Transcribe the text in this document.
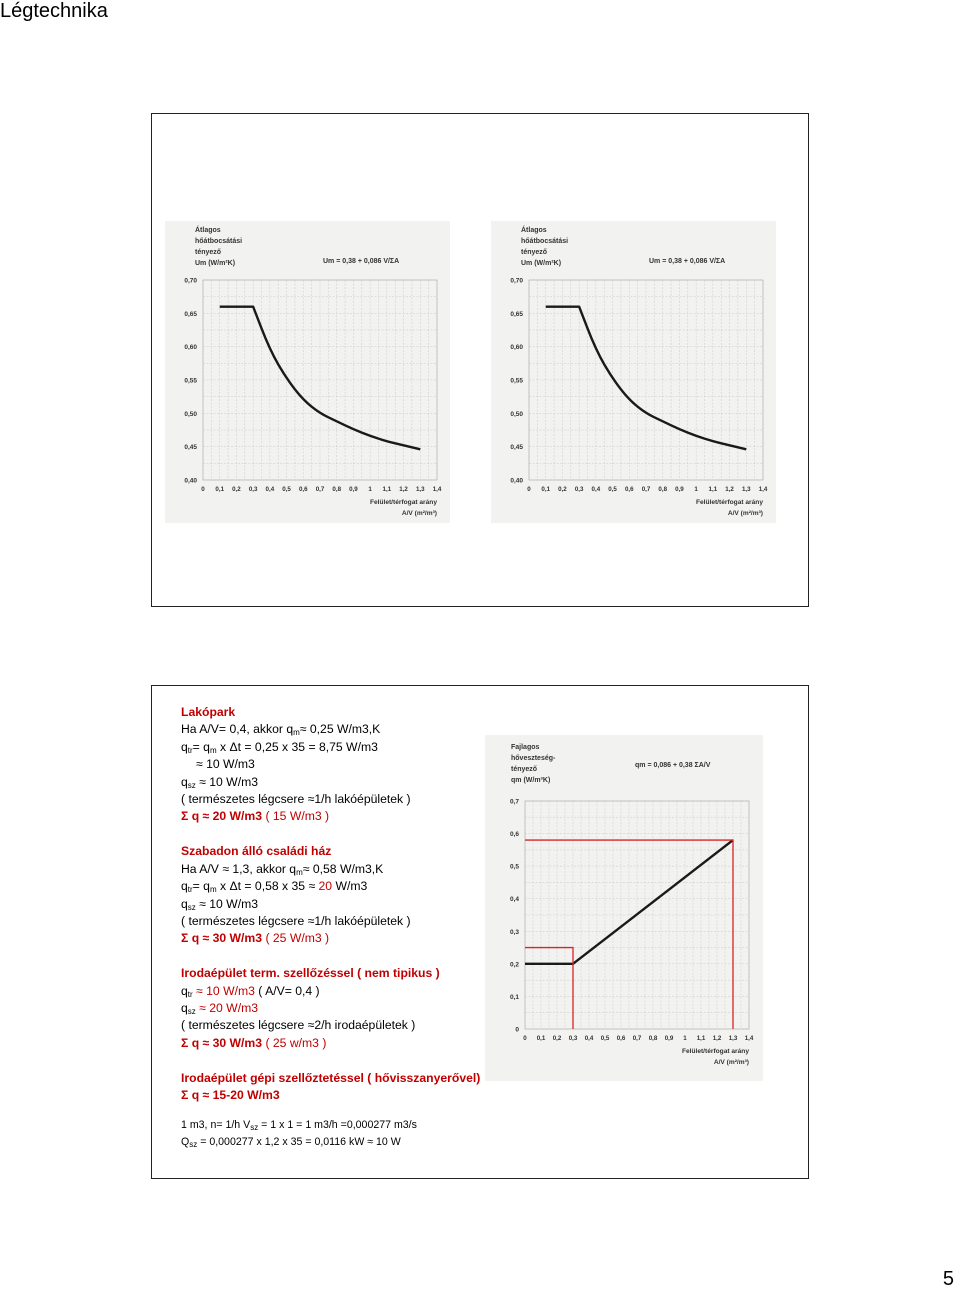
Légtechnika
Átlagos
hőátbocsátási
tényező
Um (W/m²K)	Um = 0,38 + 0,086 V/ΣA
0,70
0,65
0,60
0,55
0,50
0,45
0,40
0 0,1 0,2 0,3 0,4 0,5 0,6 0,7 0,8 0,9 1 1,1 1,2 1,3 1,4
Felület/térfogat arány
A/V (m²/m³)
Átlagos
hőátbocsátási
tényező
Um (W/m²K)	Um = 0,38 + 0,086 V/ΣA
0,70
0,65
0,60
0,55
0,50
0,45
0,40
0 0,1 0,2 0,3 0,4 0,5 0,6 0,7 0,8 0,9 1 1,1 1,2 1,3 1,4
Felület/térfogat arány
A/V (m²/m³)
Lakópark
Ha A/V= 0,4, akkor $q_m\approx 0,25$ W/m3,K
$q_{tr}= q_m$ x Δt = 0,25 x 35 = 8,75 W/m3
≈ 10 W/m3
$q_{sz} \approx 10$ W/m3
( természetes légcsere ≈1/h lakóépületek )
Σ q ≈ 20 W/m3 ( 15 W/m3 )
Szabadon álló családi ház
Ha A/V ≈ 1,3, akkor $q_m\approx 0,58$ W/m3,K
$q_{tr}= q_m$ x Δt = 0,58 x 35 ≈ 20 W/m3
$q_{sz} \approx 10$ W/m3
( természetes légcsere ≈1/h lakóépületek )
Σ q ≈ 30 W/m3 ( 25 W/m3 )
Irodaépület term. szellőzéssel ( nem tipikus )
$q_{tr} \approx 10$ W/m3 ( A/V= 0,4 )
$q_{sz} \approx 20$ W/m3
( természetes légcsere ≈2/h irodaépületek )
Σ q ≈ 30 W/m3 ( 25 w/m3 )
Irodaépület gépi szellőztetéssel ( hővisszanyerővel)
Σ q ≈ 15-20 W/m3
1 m3, n= 1/h $V_{sz} = 1$ x 1 = 1 m3/h =0,000277 m3/s
$Q_{sz} = 0,000277$ x 1,2 x 35 = 0,0116 kW ≈ 10 W
Fajlagos
hőveszteség-
tényező
qm (W/m³K)
qm = 0,086 + 0,38 ΣA/V
0,7
0,6
0,5
0,4
0,3
0,2
0,1
0
0 0,1 0,2 0,3 0,4 0,5 0,6 0,7 0,8 0,9 1 1,1 1,2 1,3 1,4
Felület/térfogat arány
A/V (m²/m³)
5
